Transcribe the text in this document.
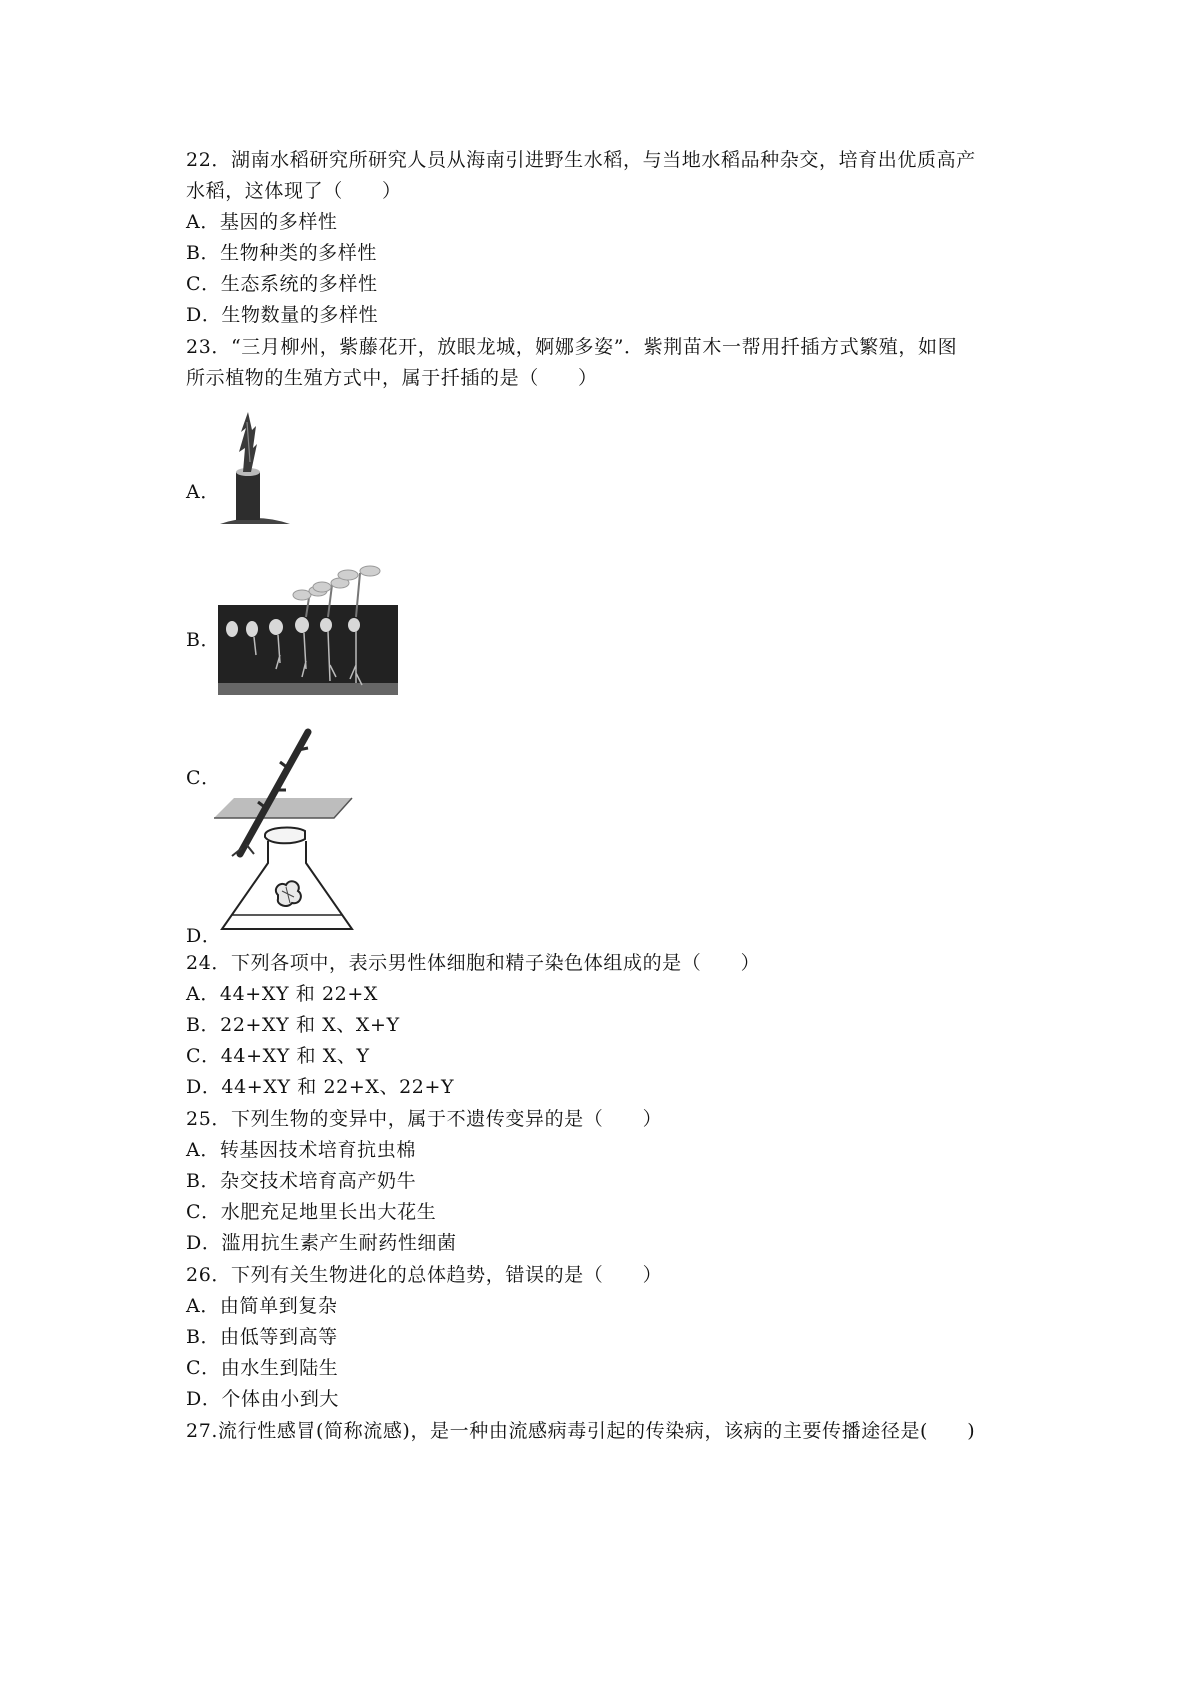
22．湖南水稻研究所研究人员从海南引进野生水稻，与当地水稻品种杂交，培育出优质高产
水稻，这体现了（　　）
A．基因的多样性
B．生物种类的多样性
C．生态系统的多样性
D．生物数量的多样性
23．“三月柳州，紫藤花开，放眼龙城，婀娜多姿”．紫荆苗木一帮用扦插方式繁殖，如图
所示植物的生殖方式中，属于扦插的是（　　）
A．
B．
C．
D．
24．下列各项中，表示男性体细胞和精子染色体组成的是（　　）
A．44+XY 和 22+X
B．22+XY 和 X、X+Y
C．44+XY 和 X、Y
D．44+XY 和 22+X、22+Y
25．下列生物的变异中，属于不遗传变异的是（　　）
A．转基因技术培育抗虫棉
B．杂交技术培育高产奶牛
C．水肥充足地里长出大花生
D．滥用抗生素产生耐药性细菌
26．下列有关生物进化的总体趋势，错误的是（　　）
A．由简单到复杂
B．由低等到高等
C．由水生到陆生
D．个体由小到大
27.流行性感冒(简称流感)，是一种由流感病毒引起的传染病，该病的主要传播途径是(　　)
